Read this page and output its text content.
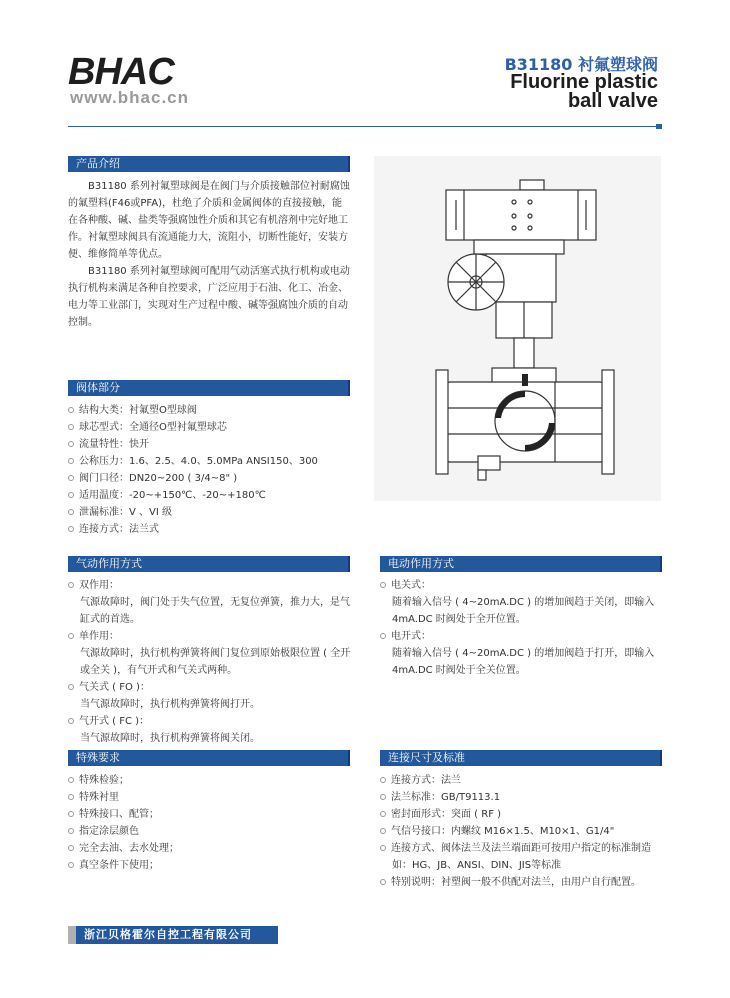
BHAC
www.bhac.cn
B31180 衬氟塑球阀
Fluorine plastic
ball valve
产品介绍

B31180 系列衬氟塑球阀是在阀门与介质接触部位衬耐腐蚀的氟塑料(F46或PFA)，杜绝了介质和金属阀体的直接接触，能在各种酸、碱、盐类等强腐蚀性介质和其它有机溶剂中完好地工作。衬氟塑球阀具有流通能力大，流阻小，切断性能好，安装方便、维修简单等优点。

B31180 系列衬氟塑球阀可配用气动活塞式执行机构或电动执行机构来满足各种自控要求，广泛应用于石油、化工、冶金、电力等工业部门，实现对生产过程中酸、碱等强腐蚀介质的自动控制。

阀体部分
结构大类：衬氟塑O型球阀
球芯型式：全通径O型衬氟塑球芯
流量特性：快开
公称压力：1.6、2.5、4.0、5.0MPa ANSI150、300
阀门口径：DN20~200 ( 3/4~8" )
适用温度：-20~+150℃、-20~+180℃
泄漏标准：V 、VI 级
连接方式：法兰式
气动作用方式
双作用：
气源故障时，阀门处于失气位置，无复位弹簧，推力大，是气缸式的首选。
单作用：
气源故障时，执行机构弹簧将阀门复位到原始极限位置 ( 全开或全关 )，有气开式和气关式两种。
气关式 ( FO )：
当气源故障时，执行机构弹簧将阀打开。
气开式 ( FC )：
当气源故障时，执行机构弹簧将阀关闭。
电动作用方式
电关式：
随着输入信号 ( 4~20mA.DC ) 的增加阀趋于关闭，即输入4mA.DC 时阀处于全开位置。
电开式：
随着输入信号 ( 4~20mA.DC ) 的增加阀趋于打开，即输入4mA.DC 时阀处于全关位置。
特殊要求
特殊检验；
特殊衬里
特殊接口、配管；
指定涂层颜色
完全去油、去水处理；
真空条件下使用；
连接尺寸及标准
连接方式：法兰
法兰标准：GB/T9113.1
密封面形式：突面 ( RF )
气信号接口：内螺纹 M16×1.5、M10×1、G1/4"
连接方式、阀体法兰及法兰端面距可按用户指定的标准制造
如：HG、JB、ANSI、DIN、JIS等标准
特别说明：衬塑阀一般不供配对法兰，由用户自行配置。
浙江贝格霍尔自控工程有限公司
